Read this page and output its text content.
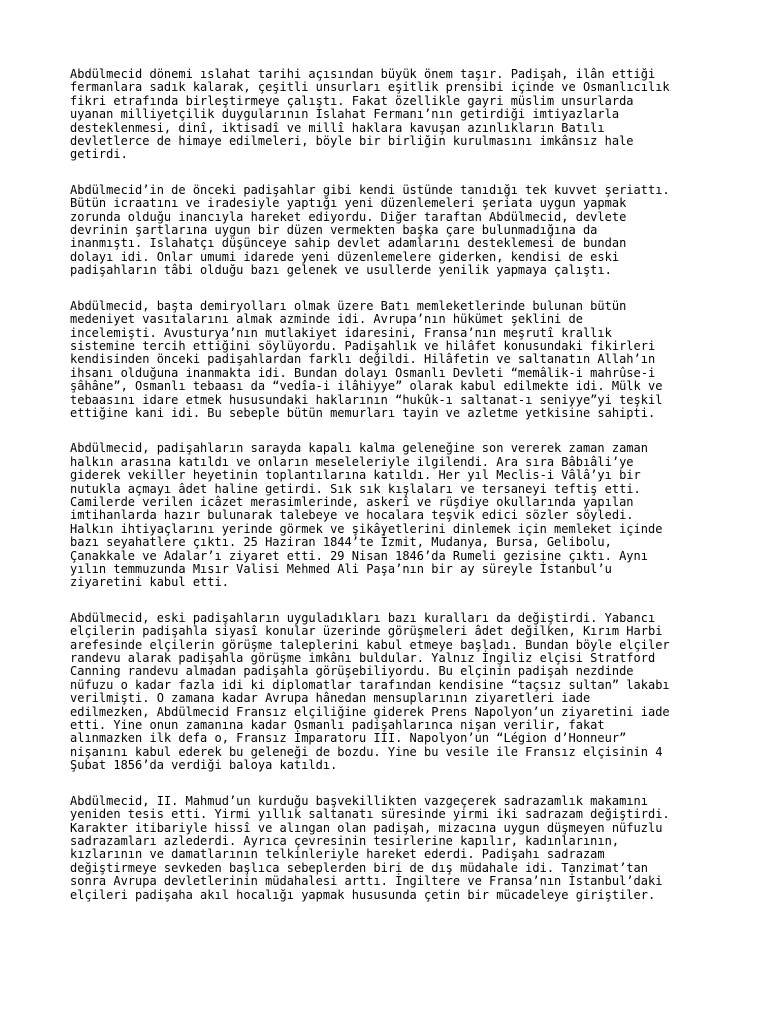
Abdülmecid dönemi ıslahat tarihi açısından büyük önem taşır. Padişah, ilân ettiği
fermanlara sadık kalarak, çeşitli unsurları eşitlik prensibi içinde ve Osmanlıcılık
fikri etrafında birleştirmeye çalıştı. Fakat özellikle gayri müslim unsurlarda
uyanan milliyetçilik duygularının Islahat Fermanı’nın getirdiği imtiyazlarla
desteklenmesi, dinî, iktisadî ve millî haklara kavuşan azınlıkların Batılı
devletlerce de himaye edilmeleri, böyle bir birliğin kurulmasını imkânsız hale
getirdi.

Abdülmecid’in de önceki padişahlar gibi kendi üstünde tanıdığı tek kuvvet şeriattı.
Bütün icraatını ve iradesiyle yaptığı yeni düzenlemeleri şeriata uygun yapmak
zorunda olduğu inancıyla hareket ediyordu. Diğer taraftan Abdülmecid, devlete
devrinin şartlarına uygun bir düzen vermekten başka çare bulunmadığına da
inanmıştı. Islahatçı düşünceye sahip devlet adamlarını desteklemesi de bundan
dolayı idi. Onlar umumi idarede yeni düzenlemelere giderken, kendisi de eski
padişahların tâbi olduğu bazı gelenek ve usullerde yenilik yapmaya çalıştı.

Abdülmecid, başta demiryolları olmak üzere Batı memleketlerinde bulunan bütün
medeniyet vasıtalarını almak azminde idi. Avrupa’nın hükümet şeklini de
incelemişti. Avusturya’nın mutlakiyet idaresini, Fransa’nın meşrutî krallık
sistemine tercih ettiğini söylüyordu. Padişahlık ve hilâfet konusundaki fikirleri
kendisinden önceki padişahlardan farklı değildi. Hilâfetin ve saltanatın Allah’ın
ihsanı olduğuna inanmakta idi. Bundan dolayı Osmanlı Devleti “memâlik-i mahrûse-i
şâhâne”, Osmanlı tebaası da “vedîa-i ilâhiyye” olarak kabul edilmekte idi. Mülk ve
tebaasını idare etmek hususundaki haklarının “hukûk-ı saltanat-ı seniyye”yi teşkil
ettiğine kani idi. Bu sebeple bütün memurları tayin ve azletme yetkisine sahipti.

Abdülmecid, padişahların sarayda kapalı kalma geleneğine son vererek zaman zaman
halkın arasına katıldı ve onların meseleleriyle ilgilendi. Ara sıra Bâbıâli’ye
giderek vekiller heyetinin toplantılarına katıldı. Her yıl Meclis-i Vâlâ’yı bir
nutukla açmayı âdet haline getirdi. Sık sık kışlaları ve tersaneyi teftiş etti.
Camilerde verilen icâzet merasimlerinde, askerî ve rüşdiye okullarında yapılan
imtihanlarda hazır bulunarak talebeye ve hocalara teşvik edici sözler söyledi.
Halkın ihtiyaçlarını yerinde görmek ve şikâyetlerini dinlemek için memleket içinde
bazı seyahatlere çıktı. 25 Haziran 1844’te İzmit, Mudanya, Bursa, Gelibolu,
Çanakkale ve Adalar’ı ziyaret etti. 29 Nisan 1846’da Rumeli gezisine çıktı. Aynı
yılın temmuzunda Mısır Valisi Mehmed Ali Paşa’nın bir ay süreyle İstanbul’u
ziyaretini kabul etti.

Abdülmecid, eski padişahların uyguladıkları bazı kuralları da değiştirdi. Yabancı
elçilerin padişahla siyasî konular üzerinde görüşmeleri âdet değilken, Kırım Harbi
arefesinde elçilerin görüşme taleplerini kabul etmeye başladı. Bundan böyle elçiler
randevu alarak padişahla görüşme imkânı buldular. Yalnız İngiliz elçisi Stratford
Canning randevu almadan padişahla görüşebiliyordu. Bu elçinin padişah nezdinde
nüfuzu o kadar fazla idi ki diplomatlar tarafından kendisine “taçsız sultan” lakabı
verilmişti. O zamana kadar Avrupa hânedan mensuplarının ziyaretleri iade
edilmezken, Abdülmecid Fransız elçiliğine giderek Prens Napolyon’un ziyaretini iade
etti. Yine onun zamanına kadar Osmanlı padişahlarınca nişan verilir, fakat
alınmazken ilk defa o, Fransız İmparatoru III. Napolyon’un “Légion d’Honneur”
nişanını kabul ederek bu geleneği de bozdu. Yine bu vesile ile Fransız elçisinin 4
Şubat 1856’da verdiği baloya katıldı.

Abdülmecid, II. Mahmud’un kurduğu başvekillikten vazgeçerek sadrazamlık makamını
yeniden tesis etti. Yirmi yıllık saltanatı süresinde yirmi iki sadrazam değiştirdi.
Karakter itibariyle hissî ve alıngan olan padişah, mizacına uygun düşmeyen nüfuzlu
sadrazamları azlederdi. Ayrıca çevresinin tesirlerine kapılır, kadınlarının,
kızlarının ve damatlarının telkinleriyle hareket ederdi. Padişahı sadrazam
değiştirmeye sevkeden başlıca sebeplerden biri de dış müdahale idi. Tanzimat’tan
sonra Avrupa devletlerinin müdahalesi arttı. İngiltere ve Fransa’nın İstanbul’daki
elçileri padişaha akıl hocalığı yapmak hususunda çetin bir mücadeleye giriştiler.
